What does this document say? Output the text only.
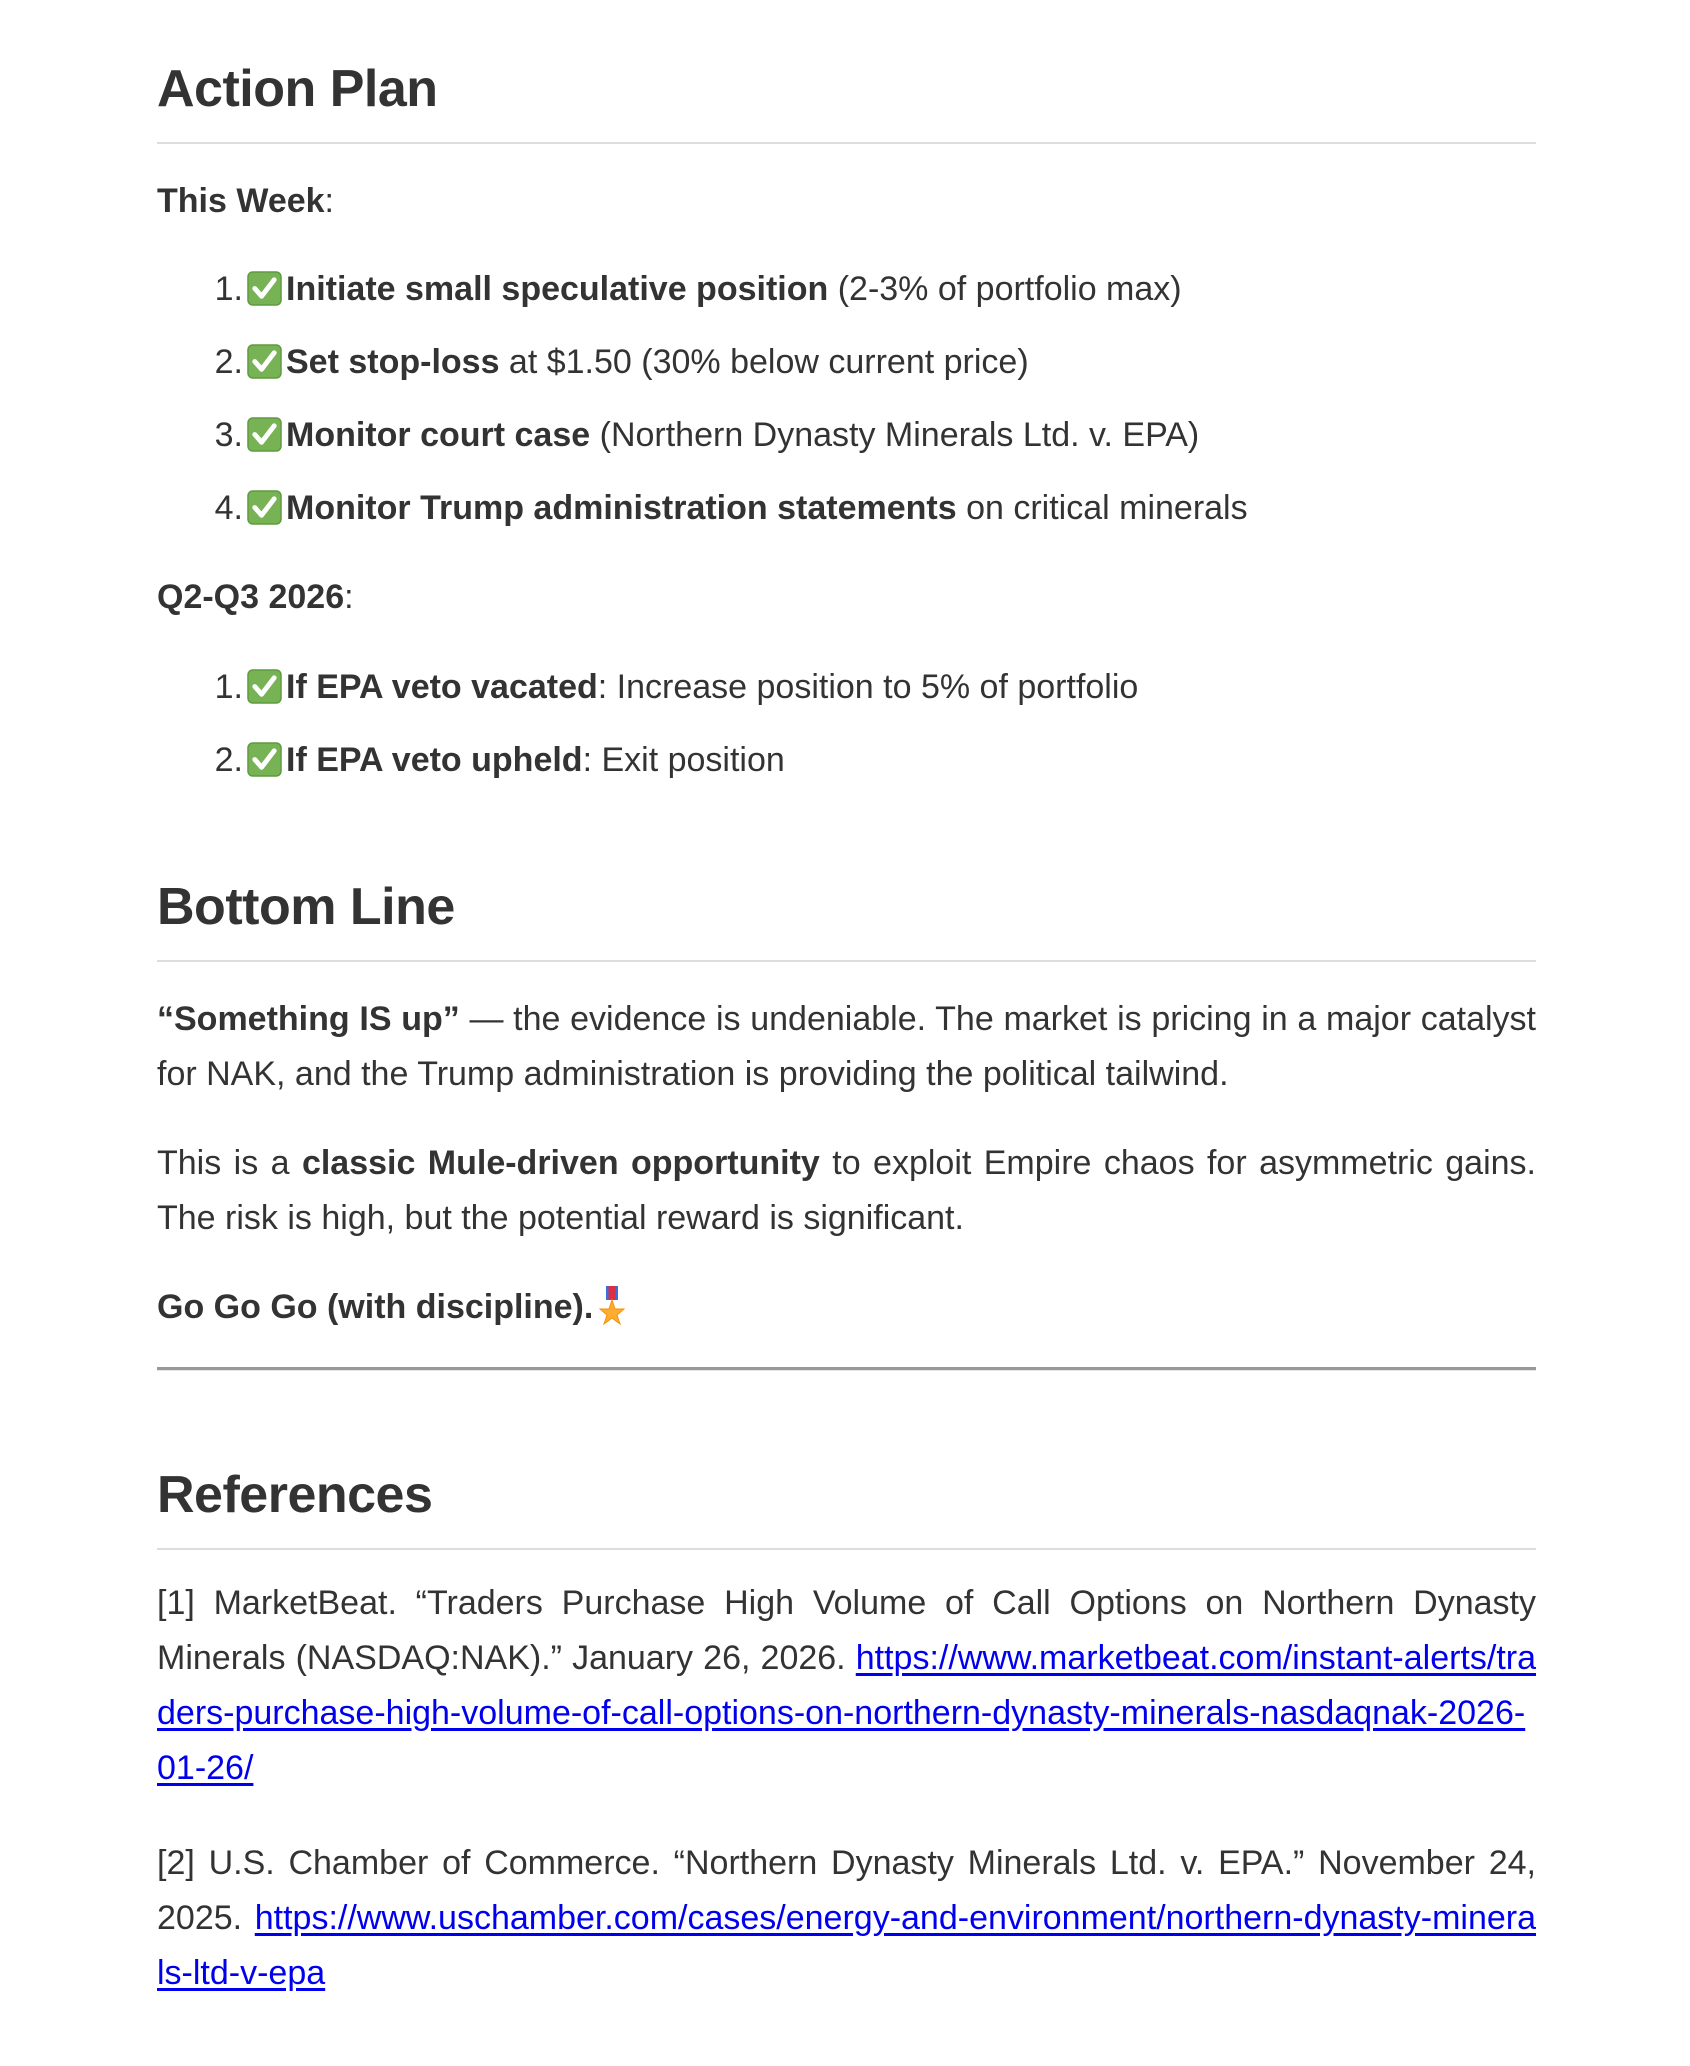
Action Plan

This Week:

1. Initiate small speculative position (2-3% of portfolio max)
2. Set stop-loss at $1.50 (30% below current price)
3. Monitor court case (Northern Dynasty Minerals Ltd. v. EPA)
4. Monitor Trump administration statements on critical minerals

Q2-Q3 2026:

1. If EPA veto vacated: Increase position to 5% of portfolio
2. If EPA veto upheld: Exit position
Bottom Line

“Something IS up” — the evidence is undeniable. The market is pricing in a major catalyst for NAK, and the Trump administration is providing the political tailwind.

This is a classic Mule-driven opportunity to exploit Empire chaos for asymmetric gains. The risk is high, but the potential reward is significant.

Go Go Go (with discipline).

References

[1] MarketBeat. “Traders Purchase High Volume of Call Options on Northern Dynasty Minerals (NASDAQ:NAK).” January 26, 2026. https://www.marketbeat.com/instant-alerts/traders-purchase-high-volume-of-call-options-on-northern-dynasty-minerals-nasdaqnak-2026-01-26/

[2] U.S. Chamber of Commerce. “Northern Dynasty Minerals Ltd. v. EPA.” November 24, 2025. https://www.uschamber.com/cases/energy-and-environment/northern-dynasty-minerals-ltd-v-epa
